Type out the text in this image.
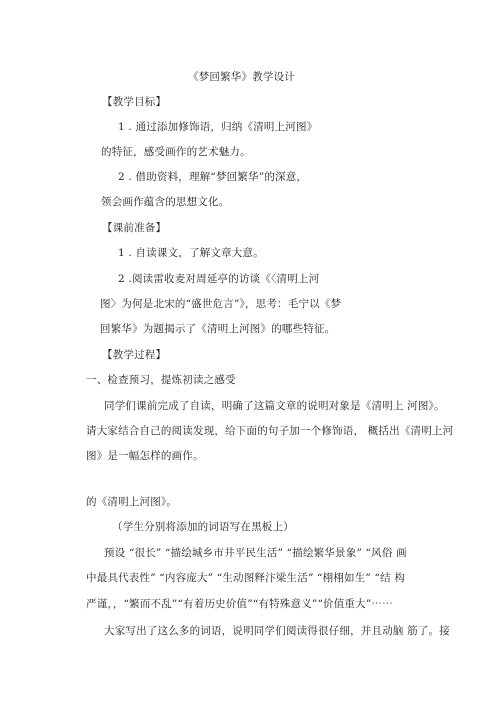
《梦回繁华》教学设计
【教学目标】
1 . 通过添加修饰语，归纳《清明上河图》
的特征，感受画作的艺术魅力。
2 . 借助资料，理解“梦回繁华”的深意，
领会画作蕴含的思想文化。
【课前准备】
1 . 自读课文，了解文章大意。
2 .阅读雷收麦对周延亭的访谈《〈清明上河
图〉为何是北宋的“盛世危言”》，思考：毛宁以《梦
回繁华》为题揭示了《清明上河图》的哪些特征。
【教学过程】
一、检查预习，提炼初读之感受
同学们课前完成了自读，明确了这篇文章的说明对象是《清明上 河图》。
请大家结合自己的阅读发现，给下面的句子加一个修饰语， 概括出《清明上河
图》是一幅怎样的画作。
的《清明上河图》。
（学生分别将添加的词语写在黑板上）
预设 “很长” “描绘城乡市井平民生活” “描绘繁华景象” “风俗 画
中最具代表性” “内容庞大” “生动图释汴梁生活” “栩栩如生” “结 构
严谨，，“繁而不乱”“有着历史价值”“有特殊意义”“价值重大”⋯⋯
大家写出了这么多的词语，说明同学们阅读得很仔细，并且动脑 筋了。接
